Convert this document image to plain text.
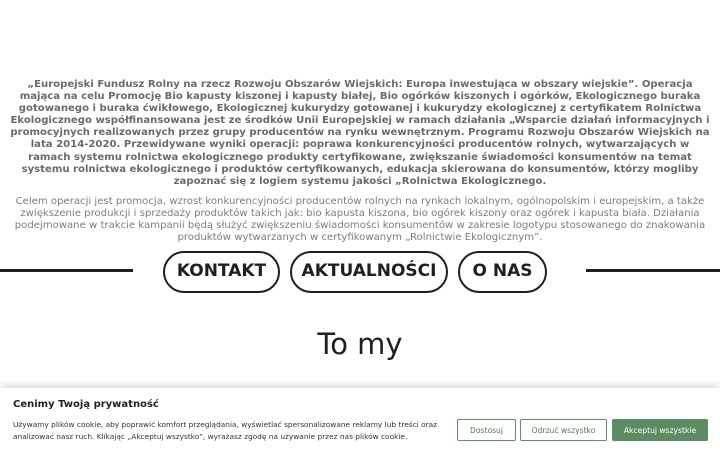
„Europejski Fundusz Rolny na rzecz Rozwoju Obszarów Wiejskich: Europa inwestująca w obszary wiejskie”. Operacja mająca na celu Promocję Bio kapusty kiszonej i kapusty białej, Bio ogórków kiszonych i ogórków, Ekologicznego buraka gotowanego i buraka ćwikłowego, Ekologicznej kukurydzy gotowanej i kukurydzy ekologicznej z certyfikatem Rolnictwa Ekologicznego współfinansowana jest ze środków Unii Europejskiej w ramach działania „Wsparcie działań informacyjnych i promocyjnych realizowanych przez grupy producentów na rynku wewnętrznym. Programu Rozwoju Obszarów Wiejskich na lata 2014-2020. Przewidywane wyniki operacji: poprawa konkurencyjności producentów rolnych, wytwarzających w ramach systemu rolnictwa ekologicznego produkty certyfikowane, zwiększanie świadomości konsumentów na temat systemu rolnictwa ekologicznego i produktów certyfikowanych, edukacja skierowana do konsumentów, którzy mogliby zapoznać się z logiem systemu jakości „Rolnictwa Ekologicznego.

Celem operacji jest promocja, wzrost konkurencyjności producentów rolnych na rynkach lokalnym, ogólnopolskim i europejskim, a także zwiększenie produkcji i sprzedaży produktów takich jak: bio kapusta kiszona, bio ogórek kiszony oraz ogórek i kapusta biała. Działania podejmowane w trakcie kampanii będą służyć zwiększeniu świadomości konsumentów w zakresie logotypu stosowanego do znakowania produktów wytwarzanych w certyfikowanym „Rolnictwie Ekologicznym”.

KONTAKT	AKTUALNOŚCI	O NAS
To my
Cenimy Twoją prywatność
Używamy plików cookie, aby poprawić komfort przeglądania, wyświetlać spersonalizowane reklamy lub treści oraz analizować nasz ruch. Klikając „Akceptuj wszystko”, wyrażasz zgodę na używanie przez nas plików cookie.
Dostosuj	Odrzuć wszystko	Akceptuj wszystkie
